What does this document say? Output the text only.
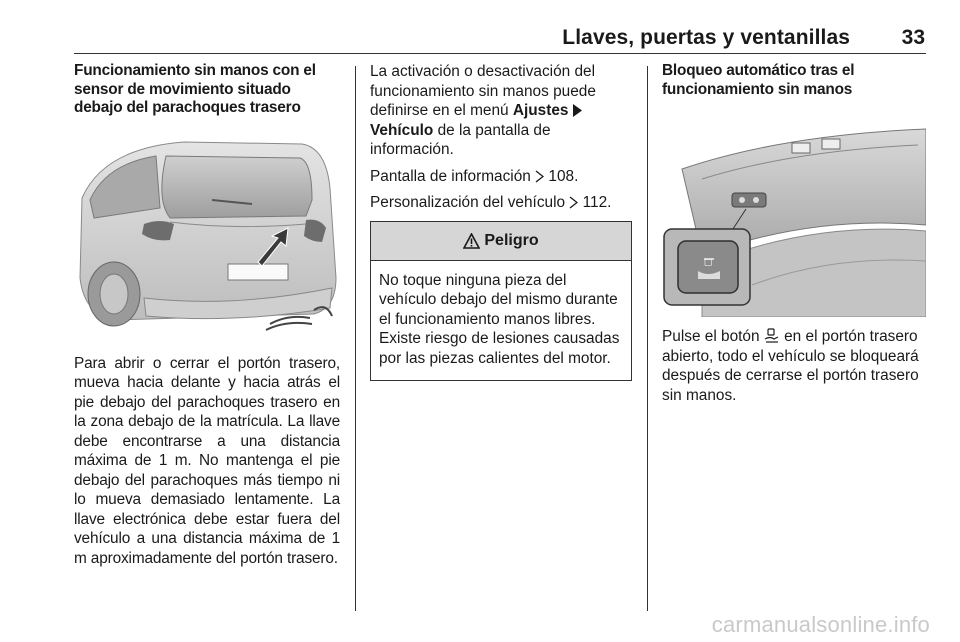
Llaves, puertas y ventanillas	33
Funcionamiento sin manos con el sensor de movimiento situado debajo del parachoques trasero
Para abrir o cerrar el portón trasero, mueva hacia delante y hacia atrás el pie debajo del parachoques trasero en la zona debajo de la matrícula. La llave debe encontrarse a una distancia máxima de 1 m. No mantenga el pie debajo del parachoques más tiempo ni lo mueva demasiado lentamente. La llave electrónica debe estar fuera del vehículo a una distancia máxima de 1 m aproximadamente del portón trasero.

La activación o desactivación del funcionamiento sin manos puede definirse en el menú Ajustes  Vehículo de la pantalla de información.

Pantalla de información 108.

Personalización del vehículo 112.

Peligro
No toque ninguna pieza del vehículo debajo del mismo durante el funcionamiento manos libres. Existe riesgo de lesiones causadas por las piezas calientes del motor.
Bloqueo automático tras el funcionamiento sin manos
▢
Pulse el botón  en el portón trasero abierto, todo el vehículo se bloqueará después de cerrarse el portón trasero sin manos.
carmanualsonline.info
